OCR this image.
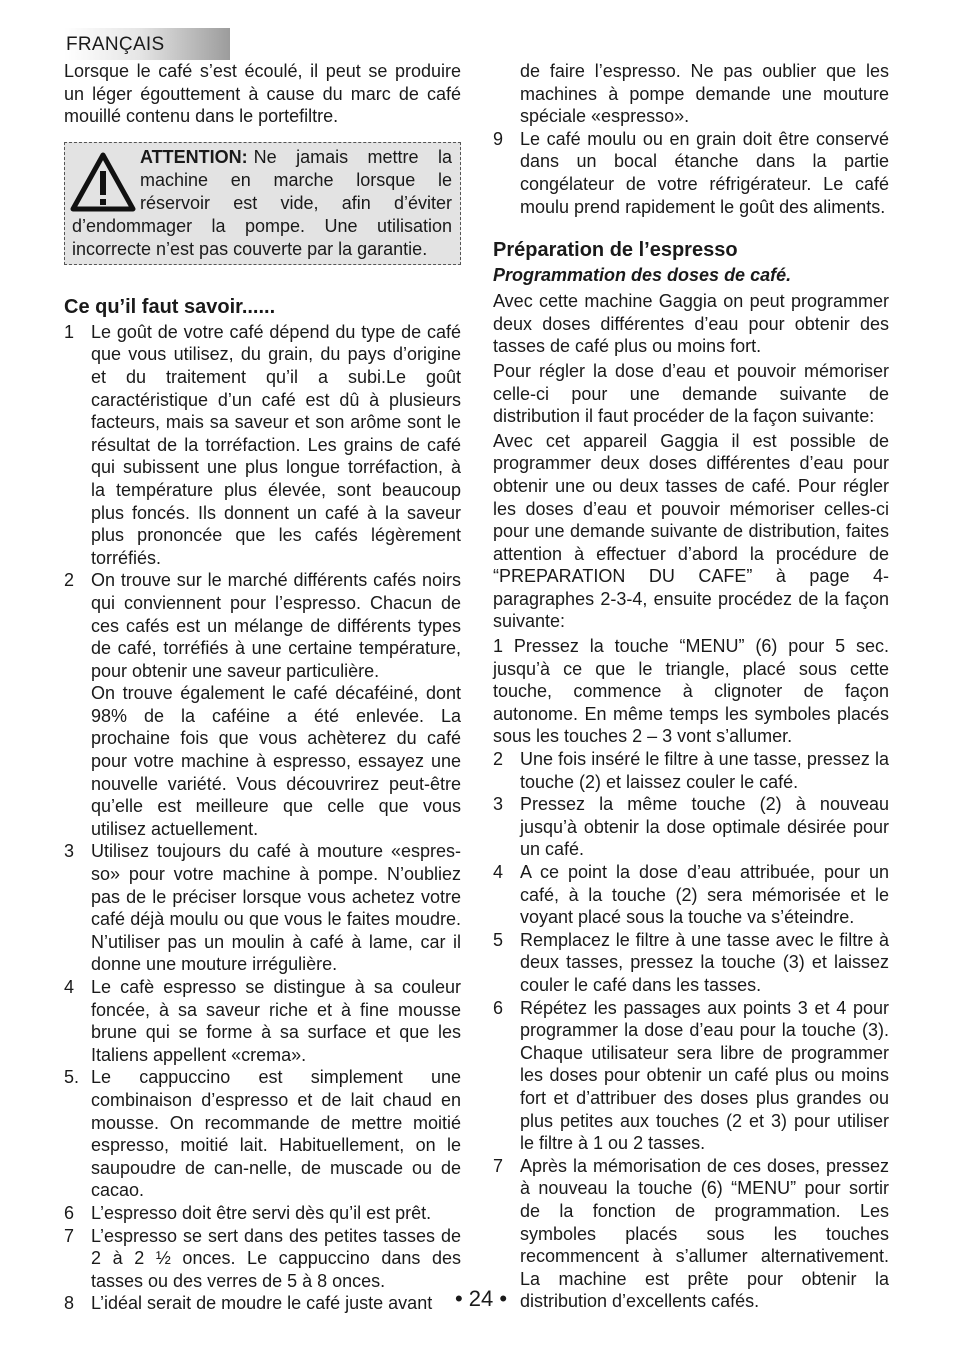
FRANÇAIS

Lorsque le café s’est écoulé, il peut se produire un léger égouttement à cause du marc de café mouillé contenu dans le portefiltre.

ATTENTION: Ne jamais mettre la machine en marche lorsque le réservoir est vide, afin d’éviter d’endommager la pompe. Une utilisation incorrecte n’est pas couverte par la garantie.
Ce qu’il faut savoir......
1 Le goût de votre café dépend du type de café que vous utilisez, du grain, du pays d’origine et du traitement qu’il a subi.Le goût caractéristique d’un café est dû à plusieurs facteurs, mais sa saveur et son arôme sont le résultat de la torréfaction. Les grains de café qui subissent une plus longue torréfaction, à la température plus élevée, sont beaucoup plus foncés. Ils donnent un café à la saveur plus prononcée que les cafés légèrement torréfiés.
2 On trouve sur le marché différents cafés noirs qui conviennent pour l’espresso. Chacun de ces cafés est un mélange de différents types de café, torréfiés à une certaine température, pour obtenir une saveur particulière.
On trouve également le café décaféiné, dont 98% de la caféine a été enlevée. La prochaine fois que vous achèterez du café pour votre machine à espresso, essayez une nouvelle variété. Vous découvrirez peut-être qu’elle est meilleure que celle que vous utilisez actuellement.
3 Utilisez toujours du café à mouture «espres-so» pour votre machine à pompe. N’oubliez pas de le préciser lorsque vous achetez votre café déjà moulu ou que vous le faites moudre. N’utiliser pas un moulin à café à lame, car il donne une mouture irrégulière.
4 Le cafè espresso se distingue à sa couleur foncée, à sa saveur riche et à fine mousse brune qui se forme à sa surface et que les Italiens appellent «crema».
5. Le cappuccino est simplement une combinaison d’espresso et de lait chaud en mousse. On recommande de mettre moitié espresso, moitié lait. Habituellement, on le saupoudre de can-nelle, de muscade ou de cacao.
6 L’espresso doit être servi dès qu’il est prêt.
7 L’espresso se sert dans des petites tasses de 2 à 2 ½ onces. Le cappuccino dans des tasses ou des verres de 5 à 8 onces.
8 L’idéal serait de moudre le café juste avant
de faire l’espresso. Ne pas oublier que les machines à pompe demande une mouture spéciale «espresso».
9 Le café moulu ou en grain doit être conservé dans un bocal étanche dans la partie congélateur de votre réfrigérateur. Le café moulu prend rapidement le goût des aliments.
Préparation de l’espresso
Programmation des doses de café.

Avec cette machine Gaggia on peut programmer deux doses différentes d’eau pour obtenir des tasses de café plus ou moins fort.

Pour régler la dose d’eau et pouvoir mémoriser celle-ci pour une demande suivante de distribution il faut procéder de la façon suivante:

Avec cet appareil Gaggia il est possible de programmer deux doses différentes d’eau pour obtenir une ou deux tasses de café. Pour régler les doses d’eau et pouvoir mémoriser celles-ci pour une demande suivante de distribution, faites attention à effectuer d’abord la procédure de “PREPARATION DU CAFE” à page 4- paragraphes 2-3-4, ensuite procédez de la façon suivante:

1 Pressez la touche “MENU” (6) pour 5 sec. jusqu’à ce que le triangle, placé sous cette touche, commence à clignoter de façon autonome. En même temps les symboles placés sous les touches 2 – 3 vont s’allumer.
2 Une fois inséré le filtre à une tasse, pressez la touche (2) et laissez couler le café.
3 Pressez la même touche (2) à nouveau jusqu’à obtenir la dose optimale désirée pour un café.
4 A ce point la dose d’eau attribuée, pour un café, à la touche (2) sera mémorisée et le voyant placé sous la touche va s’éteindre.
5 Remplacez le filtre à une tasse avec le filtre à deux tasses, pressez la touche (3) et laissez couler le café dans les tasses.
6 Répétez les passages aux points 3 et 4 pour programmer la dose d’eau pour la touche (3). Chaque utilisateur sera libre de programmer les doses pour obtenir un café plus ou moins fort et d’attribuer des doses plus grandes ou plus petites aux touches (2 et 3) pour utiliser le filtre à 1 ou 2 tasses.
7 Après la mémorisation de ces doses, pressez à nouveau la touche (6) “MENU” pour sortir de la fonction de programmation. Les symboles placés sous les touches recommencent à s’allumer alternativement. La machine est prête pour obtenir la distribution d’excellents cafés.
• 24 •
